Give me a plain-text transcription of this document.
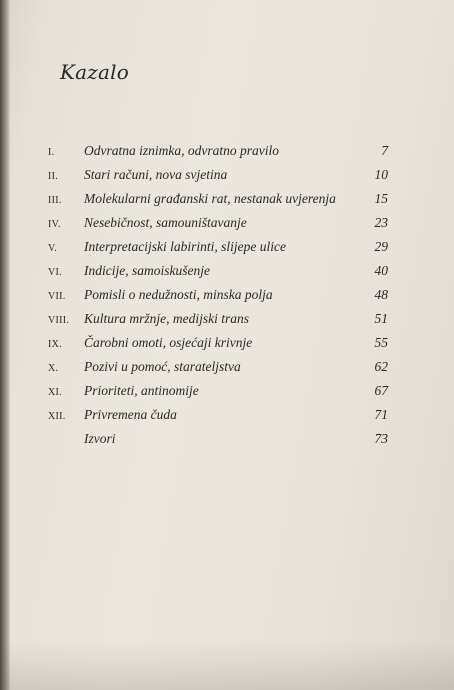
Kazalo
I. Odvratna iznimka, odvratno pravilo	7
II. Stari računi, nova svjetina	10
III. Molekularni građanski rat, nestanak uvjerenja	15
IV. Nesebičnost, samouništavanje	23
V. Interpretacijski labirinti, slijepe ulice	29
VI. Indicije, samoiskušenje	40
VII. Pomisli o nedužnosti, minska polja	48
VIII. Kultura mržnje, medijski trans	51
IX. Čarobni omoti, osjećaji krivnje	55
X. Pozivi u pomoć, starateljstva	62
XI. Prioriteti, antinomije	67
XII. Privremena čuda	71
Izvori	73
